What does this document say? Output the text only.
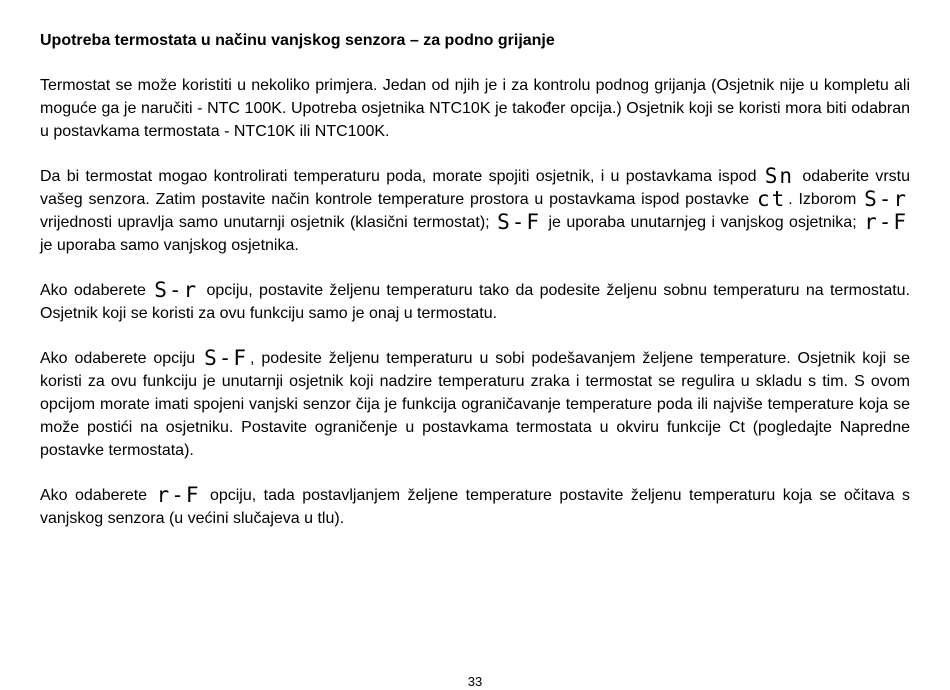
Upotreba termostata u načinu vanjskog senzora – za podno grijanje

Termostat se može koristiti u nekoliko primjera. Jedan od njih je i za kontrolu podnog grijanja (Osjetnik nije u kompletu ali moguće ga je naručiti - NTC 100K. Upotreba osjetnika NTC10K je također opcija.) Osjetnik koji se koristi mora biti odabran u postavkama termostata - NTC10K ili NTC100K.

Da bi termostat mogao kontrolirati temperaturu poda, morate spojiti osjetnik, i u postavkama ispod Sn odaberite vrstu vašeg senzora. Zatim postavite način kontrole temperature prostora u postavkama ispod postavke ct . Izborom S-r vrijednosti upravlja samo unutarnji osjetnik (klasični termostat); S-F je uporaba unutarnjeg i vanjskog osjetnika; r-F je uporaba samo vanjskog osjetnika.

Ako odaberete S-r opciju, postavite željenu temperaturu tako da podesite željenu sobnu temperaturu na termostatu. Osjetnik koji se koristi za ovu funkciju samo je onaj u termostatu.

Ako odaberete opciju S-F , podesite željenu temperaturu u sobi podešavanjem željene temperature. Osjetnik koji se koristi za ovu funkciju je unutarnji osjetnik koji nadzire temperaturu zraka i termostat se regulira u skladu s tim. S ovom opcijom morate imati spojeni vanjski senzor čija je funkcija ograničavanje temperature poda ili najviše temperature koja se može postići na osjetniku. Postavite ograničenje u postavkama termostata u okviru funkcije Ct (pogledajte Napredne postavke termostata).

Ako odaberete r-F opciju, tada postavljanjem željene temperature postavite željenu temperaturu koja se očitava s vanjskog senzora (u većini slučajeva u tlu).

33
